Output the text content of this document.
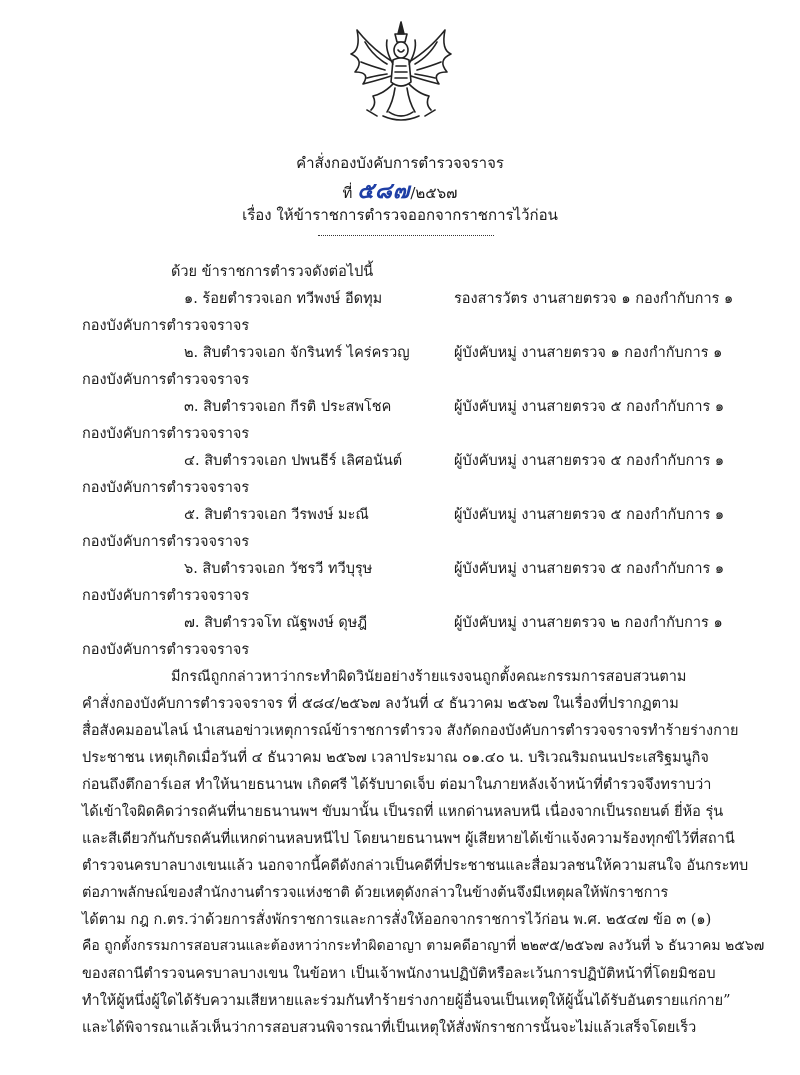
คำสั่งกองบังคับการตำรวจจราจร
ที่ ๕๘๗/๒๕๖๗
เรื่อง ให้ข้าราชการตำรวจออกจากราชการไว้ก่อน
ด้วย ข้าราชการตำรวจดังต่อไปนี้
๑. ร้อยตำรวจเอก ทวีพงษ์ อีดทุม	รองสารวัตร งานสายตรวจ ๑ กองกำกับการ ๑
กองบังคับการตำรวจจราจร
๒. สิบตำรวจเอก จักรินทร์ ไคร่ครวญ	ผู้บังคับหมู่ งานสายตรวจ ๑ กองกำกับการ ๑
กองบังคับการตำรวจจราจร
๓. สิบตำรวจเอก กีรติ ประสพโชค	ผู้บังคับหมู่ งานสายตรวจ ๕ กองกำกับการ ๑
กองบังคับการตำรวจจราจร
๔. สิบตำรวจเอก ปพนธีร์ เลิศอนันต์	ผู้บังคับหมู่ งานสายตรวจ ๕ กองกำกับการ ๑
กองบังคับการตำรวจจราจร
๕. สิบตำรวจเอก วีรพงษ์ มะณี	ผู้บังคับหมู่ งานสายตรวจ ๕ กองกำกับการ ๑
กองบังคับการตำรวจจราจร
๖. สิบตำรวจเอก วัชรวี ทวีบุรุษ	ผู้บังคับหมู่ งานสายตรวจ ๕ กองกำกับการ ๑
กองบังคับการตำรวจจราจร
๗. สิบตำรวจโท ณัฐพงษ์ ดุษฎี	ผู้บังคับหมู่ งานสายตรวจ ๒ กองกำกับการ ๑
กองบังคับการตำรวจจราจร
มีกรณีถูกกล่าวหาว่ากระทำผิดวินัยอย่างร้ายแรงจนถูกตั้งคณะกรรมการสอบสวนตาม
คำสั่งกองบังคับการตำรวจจราจร ที่ ๕๘๔/๒๕๖๗ ลงวันที่ ๔ ธันวาคม ๒๕๖๗ ในเรื่องที่ปรากฏตาม
สื่อสังคมออนไลน์ นำเสนอข่าวเหตุการณ์ข้าราชการตำรวจ สังกัดกองบังคับการตำรวจจราจรทำร้ายร่างกาย
ประชาชน เหตุเกิดเมื่อวันที่ ๔ ธันวาคม ๒๕๖๗ เวลาประมาณ ๐๑.๔๐ น. บริเวณริมถนนประเสริฐมนูกิจ
ก่อนถึงตึกอาร์เอส ทำให้นายธนานพ เกิดศรี ได้รับบาดเจ็บ ต่อมาในภายหลังเจ้าหน้าที่ตำรวจจึงทราบว่า
ได้เข้าใจผิดคิดว่ารถคันที่นายธนานพฯ ขับมานั้น เป็นรถที่ แหกด่านหลบหนี เนื่องจากเป็นรถยนต์ ยี่ห้อ รุ่น
และสีเดียวกันกับรถคันที่แหกด่านหลบหนีไป โดยนายธนานพฯ ผู้เสียหายได้เข้าแจ้งความร้องทุกข์ไว้ที่สถานี
ตำรวจนครบาลบางเขนแล้ว นอกจากนี้คดีดังกล่าวเป็นคดีที่ประชาชนและสื่อมวลชนให้ความสนใจ อันกระทบ
ต่อภาพลักษณ์ของสำนักงานตำรวจแห่งชาติ ด้วยเหตุดังกล่าวในข้างต้นจึงมีเหตุผลให้พักราชการ
ได้ตาม กฎ ก.ตร.ว่าด้วยการสั่งพักราชการและการสั่งให้ออกจากราชการไว้ก่อน พ.ศ. ๒๕๔๗ ข้อ ๓ (๑)
คือ ถูกตั้งกรรมการสอบสวนและต้องหาว่ากระทำผิดอาญา ตามคดีอาญาที่ ๒๒๙๕/๒๕๖๗ ลงวันที่ ๖ ธันวาคม ๒๕๖๗
ของสถานีตำรวจนครบาลบางเขน ในข้อหา เป็นเจ้าพนักงานปฏิบัติหรือละเว้นการปฏิบัติหน้าที่โดยมิชอบ
ทำให้ผู้หนึ่งผู้ใดได้รับความเสียหายและร่วมกันทำร้ายร่างกายผู้อื่นจนเป็นเหตุให้ผู้นั้นได้รับอันตรายแก่กาย”
และได้พิจารณาแล้วเห็นว่าการสอบสวนพิจารณาที่เป็นเหตุให้สั่งพักราชการนั้นจะไม่แล้วเสร็จโดยเร็ว
